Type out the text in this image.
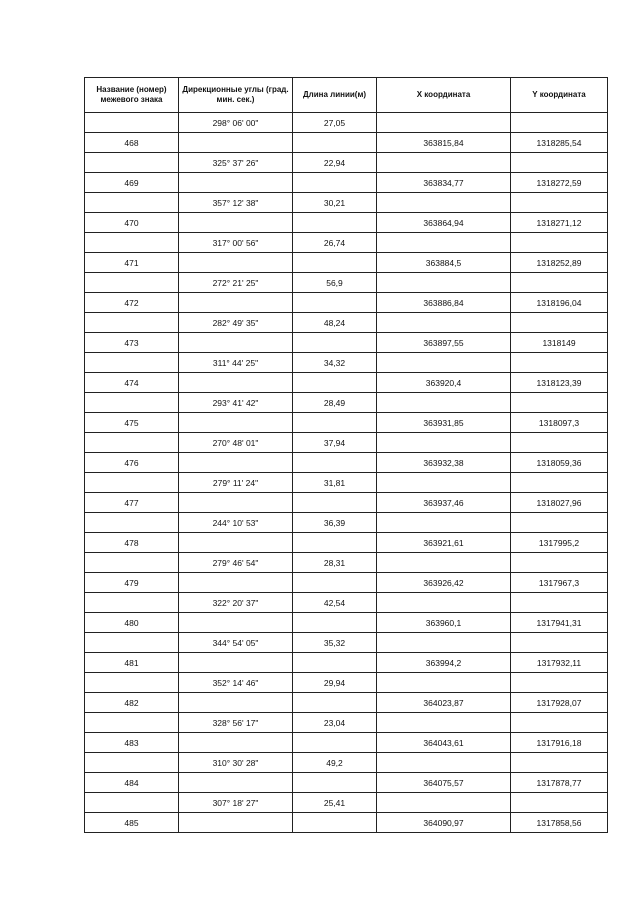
Название (номер) межевого знака	Дирекционные углы (град. мин. сек.)	Длина линии(м)	X координата	Y координата
	298° 06' 00"	27,05		
468			363815,84	1318285,54
	325° 37' 26"	22,94		
469			363834,77	1318272,59
	357° 12' 38"	30,21		
470			363864,94	1318271,12
	317° 00' 56"	26,74		
471			363884,5	1318252,89
	272° 21' 25"	56,9		
472			363886,84	1318196,04
	282° 49' 35"	48,24		
473			363897,55	1318149
	311° 44' 25"	34,32		
474			363920,4	1318123,39
	293° 41' 42"	28,49		
475			363931,85	1318097,3
	270° 48' 01"	37,94		
476			363932,38	1318059,36
	279° 11' 24"	31,81		
477			363937,46	1318027,96
	244° 10' 53"	36,39		
478			363921,61	1317995,2
	279° 46' 54"	28,31		
479			363926,42	1317967,3
	322° 20' 37"	42,54		
480			363960,1	1317941,31
	344° 54' 05"	35,32		
481			363994,2	1317932,11
	352° 14' 46"	29,94		
482			364023,87	1317928,07
	328° 56' 17"	23,04		
483			364043,61	1317916,18
	310° 30' 28"	49,2		
484			364075,57	1317878,77
	307° 18' 27"	25,41		
485			364090,97	1317858,56
